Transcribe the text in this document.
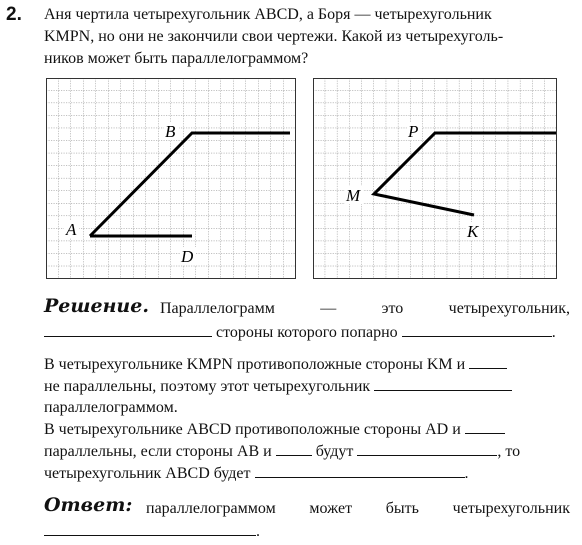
2. Аня чертила четырехугольник ABCD, а Боря — четырехугольник
KMPN, но они не закончили свои чертежи. Какой из четырехуголь-
ников может быть параллелограммом?
B
A
D
P
M
K
Решение. Параллелограмм	—	это	четырехугольник,
стороны которого попарно	.
В четырехугольнике KMPN противоположные стороны KM и
не параллельны, поэтому этот четырехугольник
параллелограммом.
В четырехугольнике ABCD противоположные стороны AD и
параллельны, если стороны AB и	будут	, то
четырехугольник ABCD будет	.
Ответ: параллелограммом может быть четырехугольник
.
